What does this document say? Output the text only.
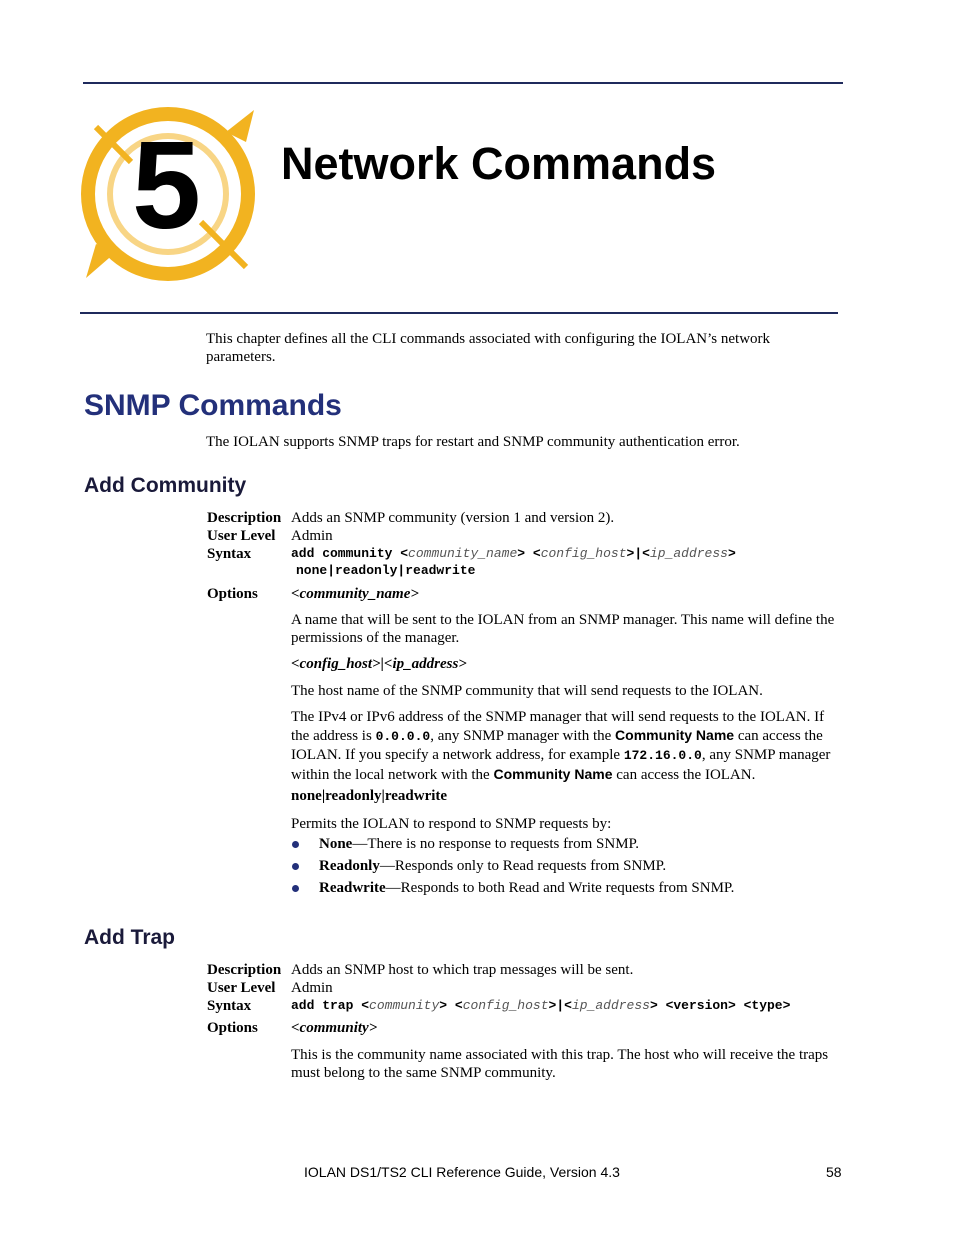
5 Network Commands

This chapter defines all the CLI commands associated with configuring the IOLAN’s network parameters.

SNMP Commands

The IOLAN supports SNMP traps for restart and SNMP community authentication error.

Add Community
Description Adds an SNMP community (version 1 and version 2).
User Level Admin
Syntax	add community <community_name> <config_host>|<ip_address>
none|readonly|readwrite
Options <community_name>

A name that will be sent to the IOLAN from an SNMP manager. This name will define the permissions of the manager.

<config_host>|<ip_address>

The host name of the SNMP community that will send requests to the IOLAN.

The IPv4 or IPv6 address of the SNMP manager that will send requests to the IOLAN. If the address is 0.0.0.0, any SNMP manager with the Community Name can access the IOLAN. If you specify a network address, for example 172.16.0.0, any SNMP manager within the local network with the Community Name can access the IOLAN.

none|readonly|readwrite

Permits the IOLAN to respond to SNMP requests by:

None—There is no response to requests from SNMP.
Readonly—Responds only to Read requests from SNMP.
Readwrite—Responds to both Read and Write requests from SNMP.
Add Trap
Description Adds an SNMP host to which trap messages will be sent.
User Level Admin
Syntax	add trap <community> <config_host>|<ip_address> <version> <type>
Options <community>

This is the community name associated with this trap. The host who will receive the traps must belong to the same SNMP community.

IOLAN DS1/TS2 CLI Reference Guide, Version 4.3	58
